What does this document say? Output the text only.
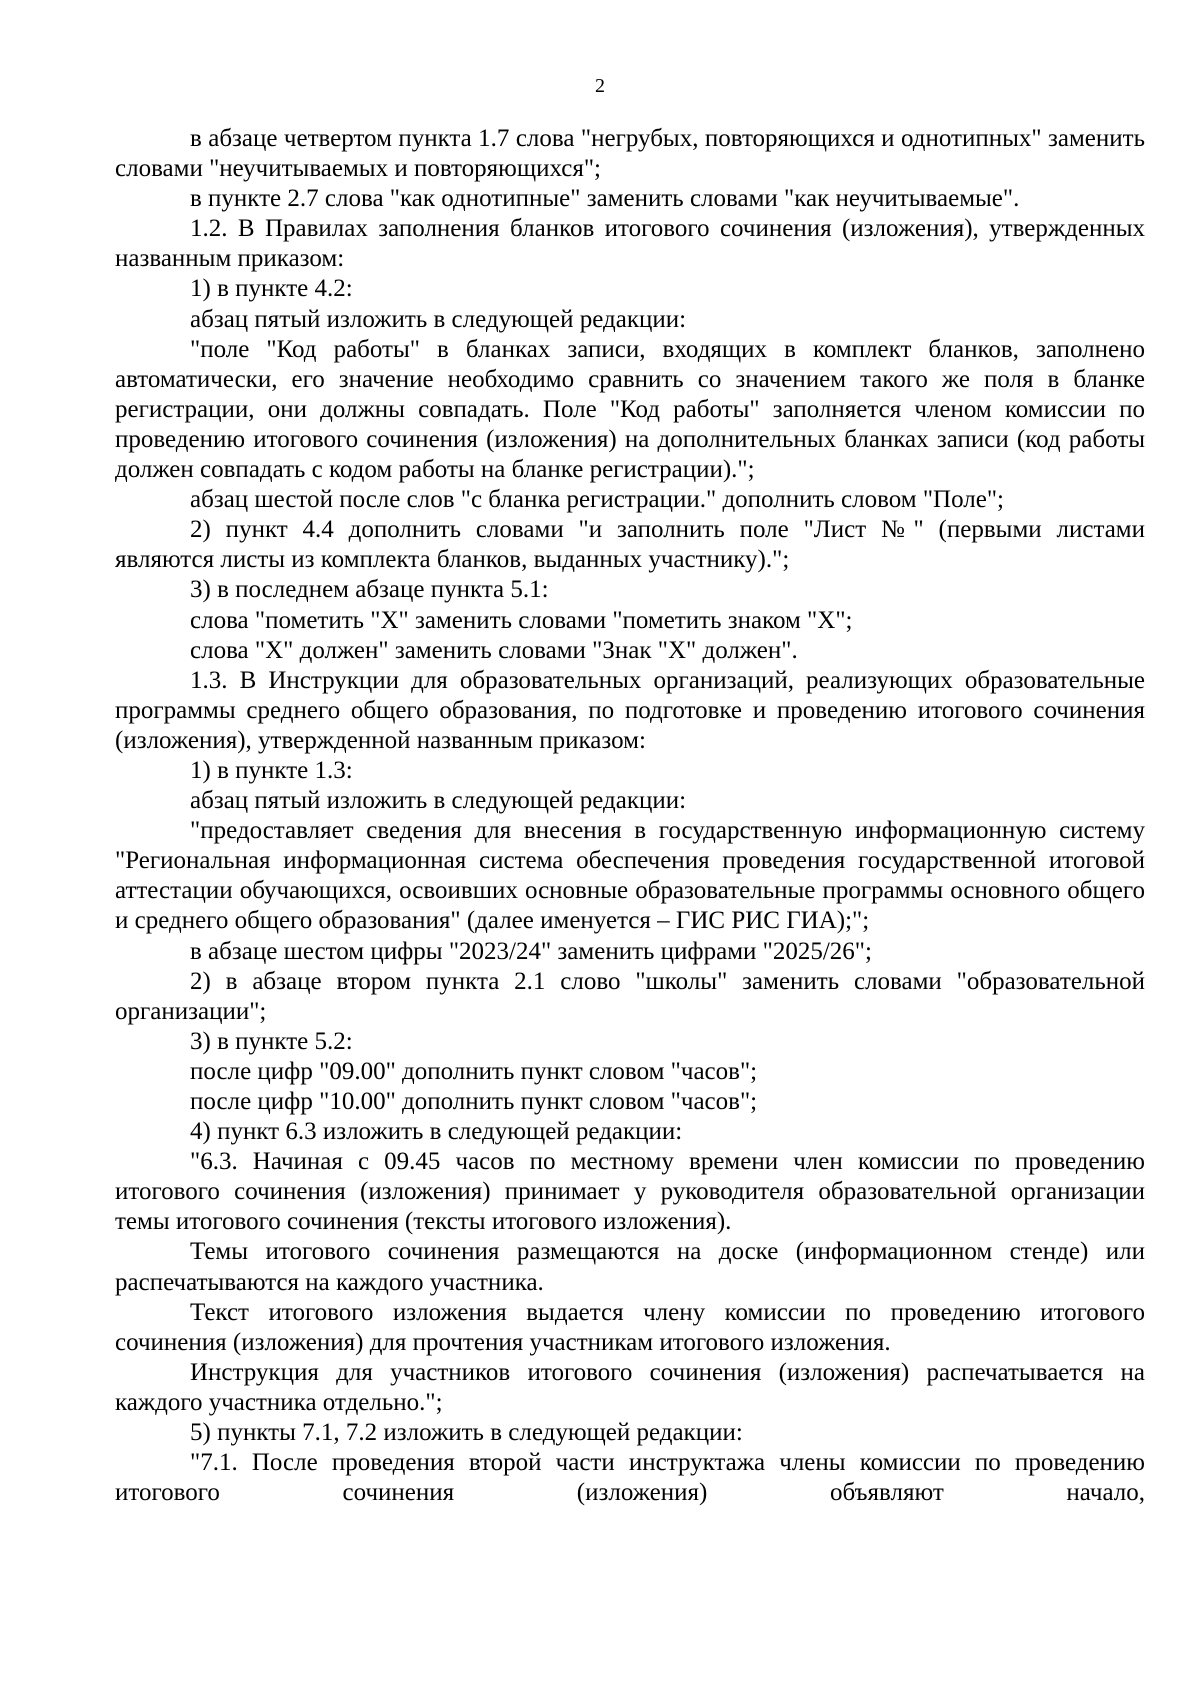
2

в абзаце четвертом пункта 1.7 слова "негрубых, повторяющихся и однотипных" заменить словами "неучитываемых и повторяющихся";

в пункте 2.7 слова "как однотипные" заменить словами "как неучитываемые".

1.2. В Правилах заполнения бланков итогового сочинения (изложения), утвержденных названным приказом:

1) в пункте 4.2:

абзац пятый изложить в следующей редакции:

"поле "Код работы" в бланках записи, входящих в комплект бланков, заполнено автоматически, его значение необходимо сравнить со значением такого же поля в бланке регистрации, они должны совпадать. Поле "Код работы" заполняется членом комиссии по проведению итогового сочинения (изложения) на дополнительных бланках записи (код работы должен совпадать с кодом работы на бланке регистрации).";

абзац шестой после слов "с бланка регистрации." дополнить словом "Поле";

2) пункт 4.4 дополнить словами "и заполнить поле "Лист №" (первыми листами являются листы из комплекта бланков, выданных участнику).";

3) в последнем абзаце пункта 5.1:

слова "пометить "X" заменить словами "пометить знаком "X";

слова "X" должен" заменить словами "Знак "X" должен".

1.3. В Инструкции для образовательных организаций, реализующих образовательные программы среднего общего образования, по подготовке и проведению итогового сочинения (изложения), утвержденной названным приказом:

1) в пункте 1.3:

абзац пятый изложить в следующей редакции:

"предоставляет сведения для внесения в государственную информационную систему "Региональная информационная система обеспечения проведения государственной итоговой аттестации обучающихся, освоивших основные образовательные программы основного общего и среднего общего образования" (далее именуется – ГИС РИС ГИА);";

в абзаце шестом цифры "2023/24" заменить цифрами "2025/26";

2) в абзаце втором пункта 2.1 слово "школы" заменить словами "образовательной организации";

3) в пункте 5.2:

после цифр "09.00" дополнить пункт словом "часов";

после цифр "10.00" дополнить пункт словом "часов";

4) пункт 6.3 изложить в следующей редакции:

"6.3. Начиная с 09.45 часов по местному времени член комиссии по проведению итогового сочинения (изложения) принимает у руководителя образовательной организации темы итогового сочинения (тексты итогового изложения).

Темы итогового сочинения размещаются на доске (информационном стенде) или распечатываются на каждого участника.

Текст итогового изложения выдается члену комиссии по проведению итогового сочинения (изложения) для прочтения участникам итогового изложения.

Инструкция для участников итогового сочинения (изложения) распечатывается на каждого участника отдельно.";

5) пункты 7.1, 7.2 изложить в следующей редакции:

"7.1. После проведения второй части инструктажа члены комиссии по проведению итогового сочинения (изложения) объявляют начало,
